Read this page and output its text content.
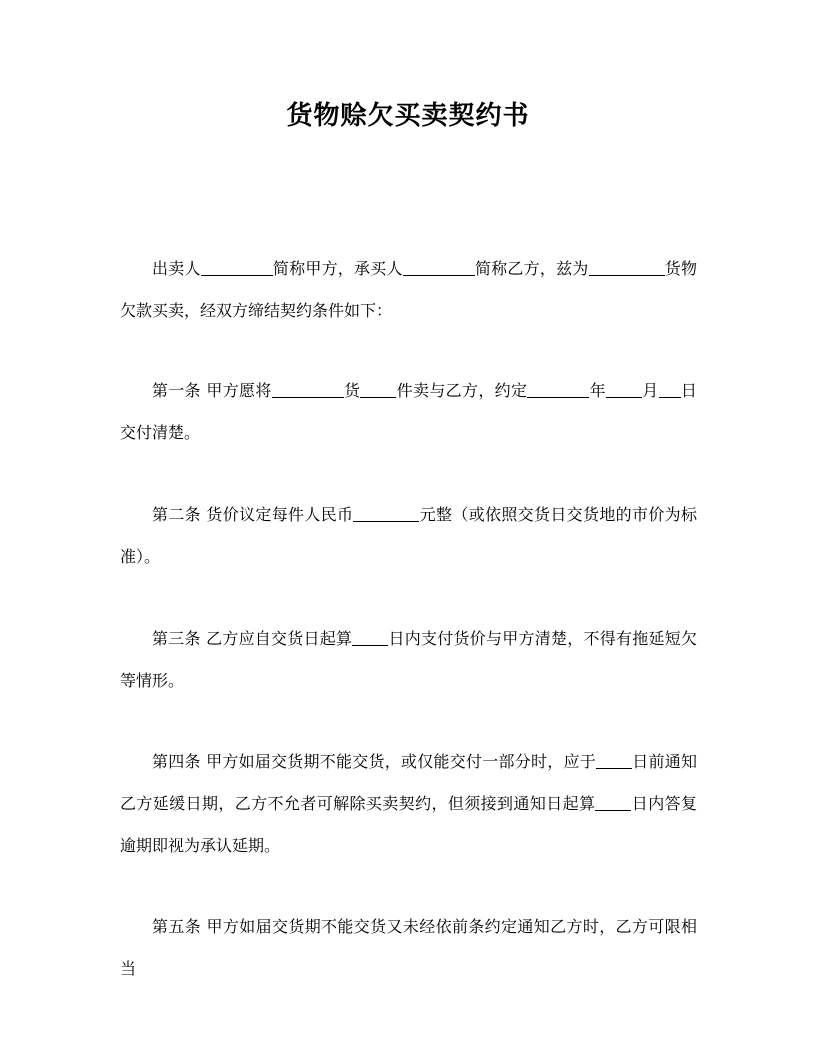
货物赊欠买卖契约书

出卖人	简称甲方，承买人	简称乙方，兹为	货物欠款买卖，经双方缔结契约条件如下：

第一条 甲方愿将	货 件卖与乙方，约定	年 月 日交付清楚。

第二条 货价议定每件人民币	元整（或依照交货日交货地的市价为标准）。

第三条 乙方应自交货日起算 日内支付货价与甲方清楚，不得有拖延短欠等情形。

第四条 甲方如届交货期不能交货，或仅能交付一部分时，应于 日前通知乙方延缓日期，乙方不允者可解除买卖契约，但须接到通知日起算 日内答复逾期即视为承认延期。

第五条 甲方如届交货期不能交货又未经依前条约定通知乙方时，乙方可限相当
